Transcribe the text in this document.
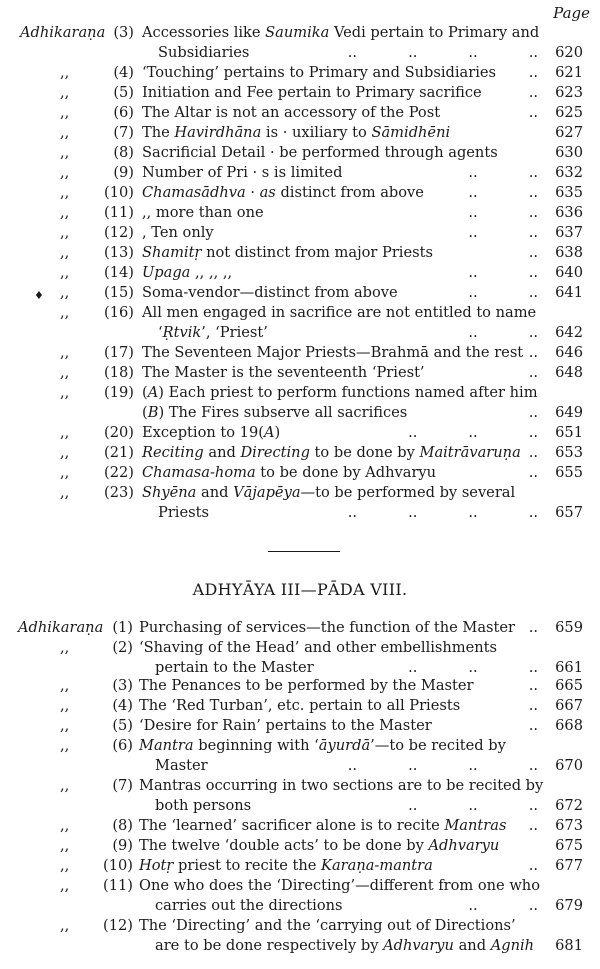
Page
♦
Adhikaraṇa (3) Accessories like Saumika Vedi pertain to Primary and
Subsidiaries	..           ..           ..           .. 620
,,	(4) ‘Touching’ pertains to Primary and Subsidiaries .. 621
,,	(5) Initiation and Fee pertain to Primary sacrifice	.. 623
,,	(6) The Altar is not an accessory of the Post	.. 625
,,	(7) The Havirdhāna is · uxiliary to Sāmidhēni	627
,,	(8) Sacrificial Detail · be performed through agents	630
,,	(9) Number of Pri · s is limited	..           .. 632
,, (10) Chamasādhva · as distinct from above	..           .. 635
,, (11) ,, more than one	..           .. 636
,, (12) , Ten only	..           .. 637
,, (13) Shamitṛ not distinct from major Priests	.. 638
,, (14) Upaga ,, ,, ,,	..           .. 640
,, (15) Soma-vendor—distinct from above	..           .. 641
,, (16) All men engaged in sacrifice are not entitled to name
‘Ṛtvik’, ‘Priest’	..           .. 642
,, (17) The Seventeen Major Priests—Brahmā and the rest .. 646
,, (18) The Master is the seventeenth ‘Priest’	.. 648
,, (19) (A) Each priest to perform functions named after him
(B) The Fires subserve all sacrifices	.. 649
,, (20) Exception to 19(A)	..           ..           .. 651
,, (21) Reciting and Directing to be done by Maitrāvaruṇa .. 653
,, (22) Chamasa-homa to be done by Adhvaryu	.. 655
,, (23) Shyēna and Vājapēya—to be performed by several
Priests	..           ..           ..           .. 657
ADHYĀYA III—PĀDA VIII.
Adhikaraṇa (1) Purchasing of services—the function of the Master .. 659
,,	(2) ‘Shaving of the Head’ and other embellishments
pertain to the Master	..           ..           .. 661
,,	(3) The Penances to be performed by the Master	.. 665
,,	(4) The ‘Red Turban’, etc. pertain to all Priests	.. 667
,,	(5) ‘Desire for Rain’ pertains to the Master	.. 668
,,	(6) Mantra beginning with ‘āyurdā’—to be recited by
Master	..           ..           ..           .. 670
,,	(7) Mantras occurring in two sections are to be recited by
both persons	..           ..           .. 672
,,	(8) The ‘learned’ sacrificer alone is to recite Mantras .. 673
,,	(9) The twelve ‘double acts’ to be done by Adhvaryu	675
,, (10) Hotṛ priest to recite the Karaṇa-mantra	.. 677
,, (11) One who does the ‘Directing’—different from one who
carries out the directions	..           .. 679
,, (12) The ‘Directing’ and the ‘carrying out of Directions’
are to be done respectively by Adhvaryu and Agnih 681
